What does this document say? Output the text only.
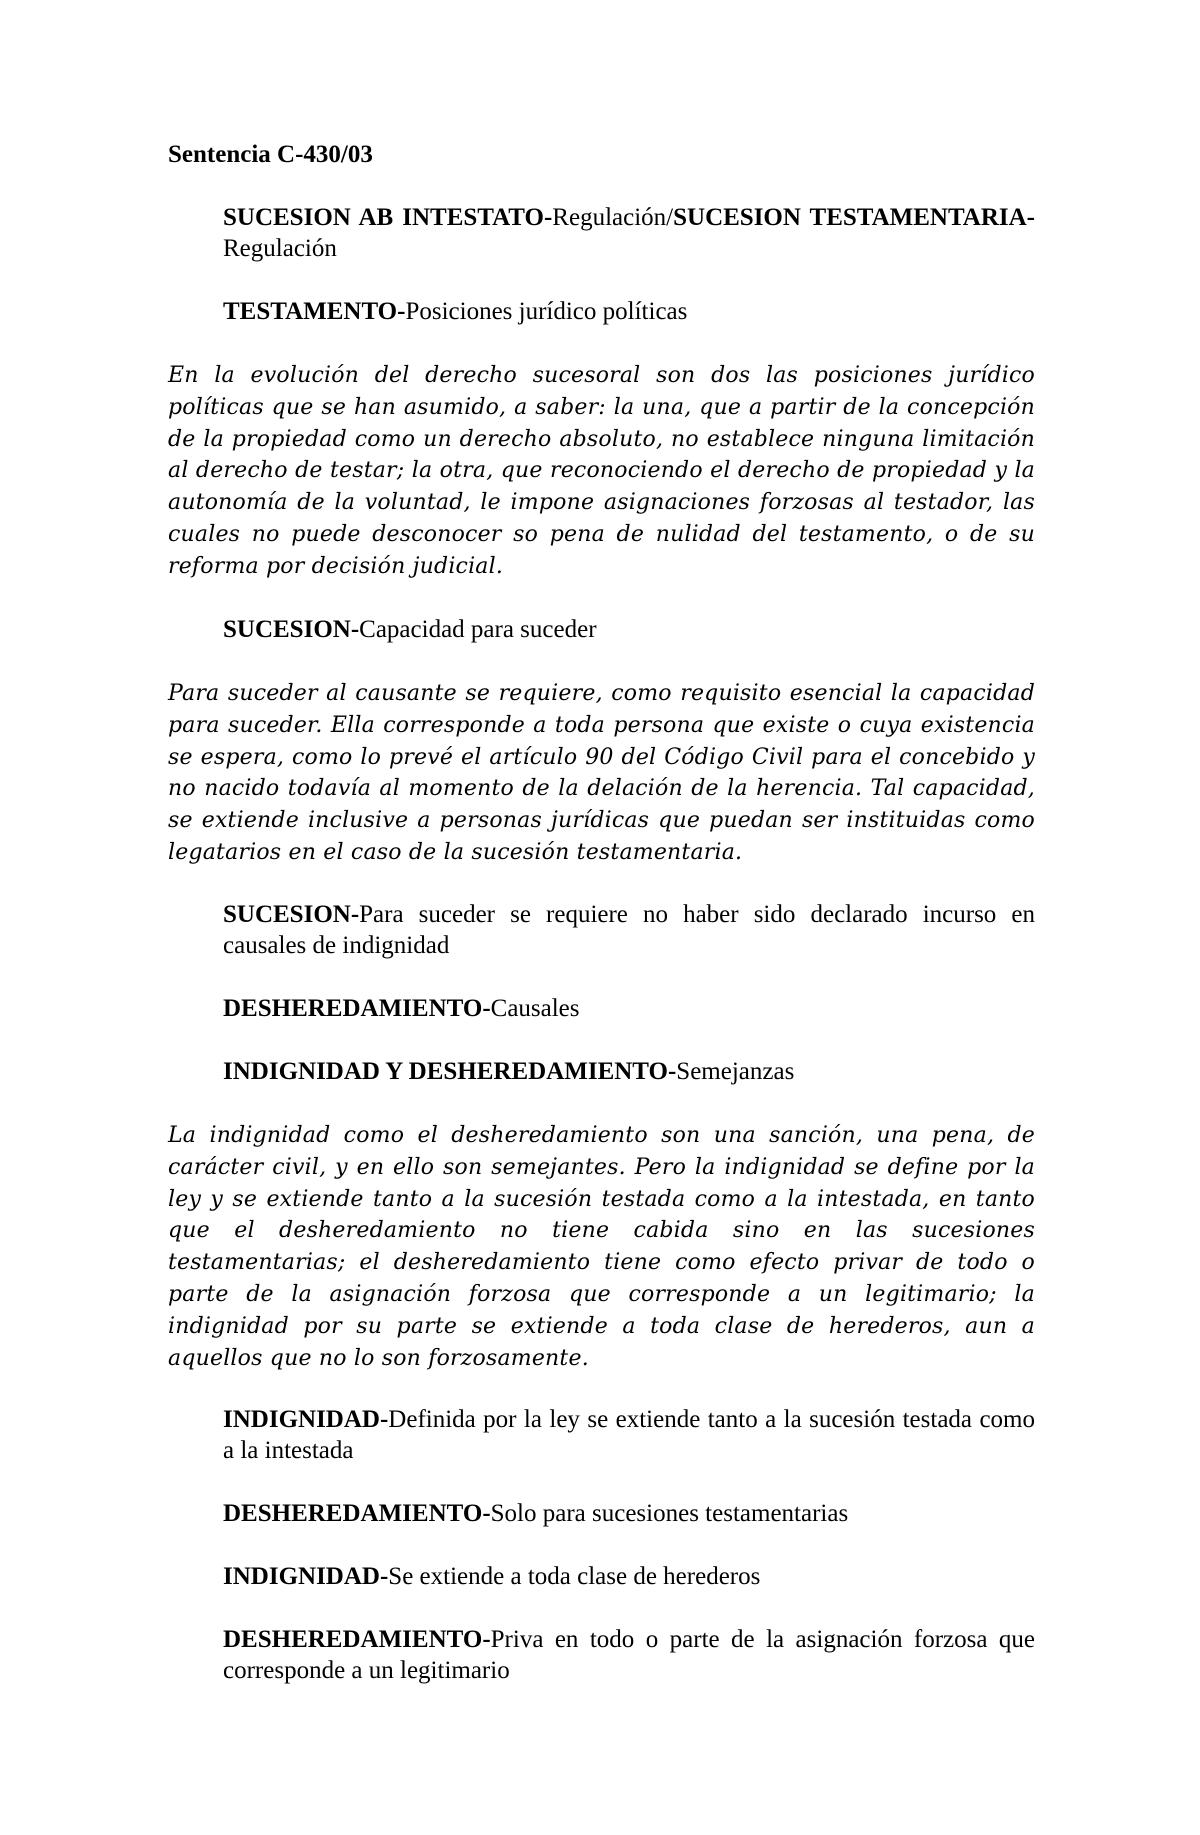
Sentencia C-430/03

SUCESION AB INTESTATO-Regulación/SUCESION TESTAMENTARIA-Regulación

TESTAMENTO-Posiciones jurídico políticas

En la evolución del derecho sucesoral son dos las posiciones jurídico políticas que se han asumido, a saber: la una, que a partir de la concepción de la propiedad como un derecho absoluto, no establece ninguna limitación al derecho de testar; la otra, que reconociendo el derecho de propiedad y la autonomía de la voluntad, le impone asignaciones forzosas al testador, las cuales no puede desconocer so pena de nulidad del testamento, o de su reforma por decisión judicial.

SUCESION-Capacidad para suceder

Para suceder al causante se requiere, como requisito esencial la capacidad para suceder. Ella corresponde a toda persona que existe o cuya existencia se espera, como lo prevé el artículo 90 del Código Civil para el concebido y no nacido todavía al momento de la delación de la herencia. Tal capacidad, se extiende inclusive a personas jurídicas que puedan ser instituidas como legatarios en el caso de la sucesión testamentaria.

SUCESION-Para suceder se requiere no haber sido declarado incurso en causales de indignidad

DESHEREDAMIENTO-Causales

INDIGNIDAD Y DESHEREDAMIENTO-Semejanzas

La indignidad como el desheredamiento son una sanción, una pena, de carácter civil, y en ello son semejantes. Pero la indignidad se define por la ley y se extiende tanto a la sucesión testada como a la intestada, en tanto que el desheredamiento no tiene cabida sino en las sucesiones testamentarias; el desheredamiento tiene como efecto privar de todo o parte de la asignación forzosa que corresponde a un legitimario; la indignidad por su parte se extiende a toda clase de herederos, aun a aquellos que no lo son forzosamente.

INDIGNIDAD-Definida por la ley se extiende tanto a la sucesión testada como a la intestada

DESHEREDAMIENTO-Solo para sucesiones testamentarias

INDIGNIDAD-Se extiende a toda clase de herederos

DESHEREDAMIENTO-Priva en todo o parte de la asignación forzosa que corresponde a un legitimario
